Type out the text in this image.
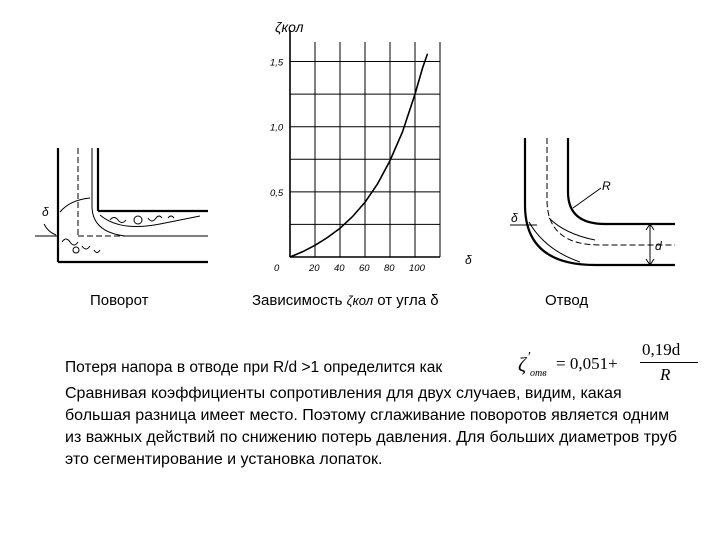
δ
Поворот
ζкол
0	20 40 60 80 100
0,5
1,0
1,5
δ
Зависимость ζкол от угла δ
δ
R
d
Отвод
Потеря напора в отводе при R/d >1 определится как	ζ ′
отв
= 0,051+
0,19d
R

Сравнивая коэффициенты сопротивления для двух случаев, видим, какая большая разница имеет место. Поэтому сглаживание поворотов является одним из важных действий по снижению потерь давления. Для больших диаметров труб это сегментирование и установка лопаток.
